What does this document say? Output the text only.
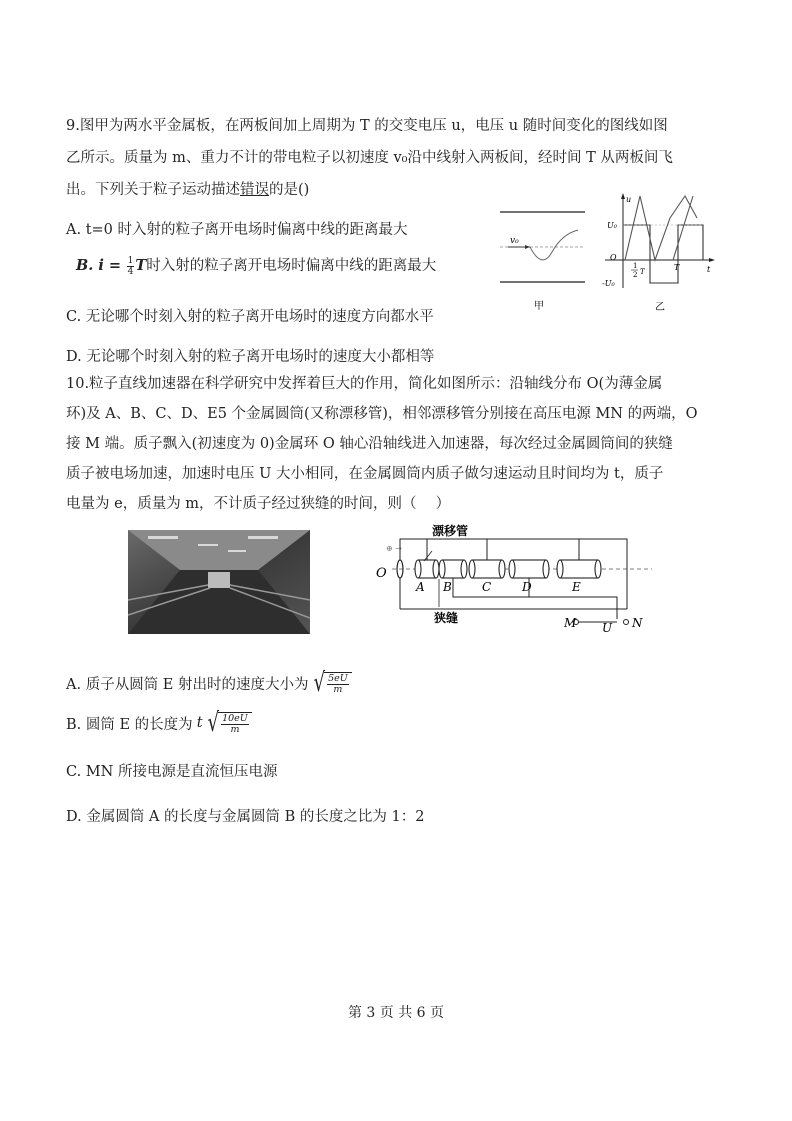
9.图甲为两水平金属板，在两板间加上周期为 T 的交变电压 u，电压 u 随时间变化的图线如图
乙所示。质量为 m、重力不计的带电粒子以初速度 v₀沿中线射入两板间，经时间 T 从两板间飞
出。下列关于粒子运动描述错误的是()
A. t=0 时入射的粒子离开电场时偏离中线的距离最大
B. $i = \frac{1}{4}$ T时入射的粒子离开电场时偏离中线的距离最大
C. 无论哪个时刻入射的粒子离开电场时的速度方向都水平
D. 无论哪个时刻入射的粒子离开电场时的速度大小都相等
v₀
甲
u
U₀
-U₀
O
t
1
2 T	T
乙
10.粒子直线加速器在科学研究中发挥着巨大的作用，简化如图所示：沿轴线分布 O(为薄金属
环)及 A、B、C、D、E5 个金属圆筒(又称漂移管)，相邻漂移管分别接在高压电源 MN 的两端，O
接 M 端。质子飘入(初速度为 0)金属环 O 轴心沿轴线进入加速器，每次经过金属圆筒间的狭缝
质子被电场加速，加速时电压 U 大小相同，在金属圆筒内质子做匀速运动且时间均为 t，质子
电量为 e，质量为 m，不计质子经过狭缝的时间，则（　 ）
O
⊕ →
A B	C	D	E
狭缝
漂移管
M U N
A. 质子从圆筒 E 射出时的速度大小为 √ $\frac{5eU}{m}$
B. 圆筒 E 的长度为 t √ $\frac{10eU}{m}$
C. MN 所接电源是直流恒压电源
D. 金属圆筒 A 的长度与金属圆筒 B 的长度之比为 1：2
第 3 页 共 6 页
